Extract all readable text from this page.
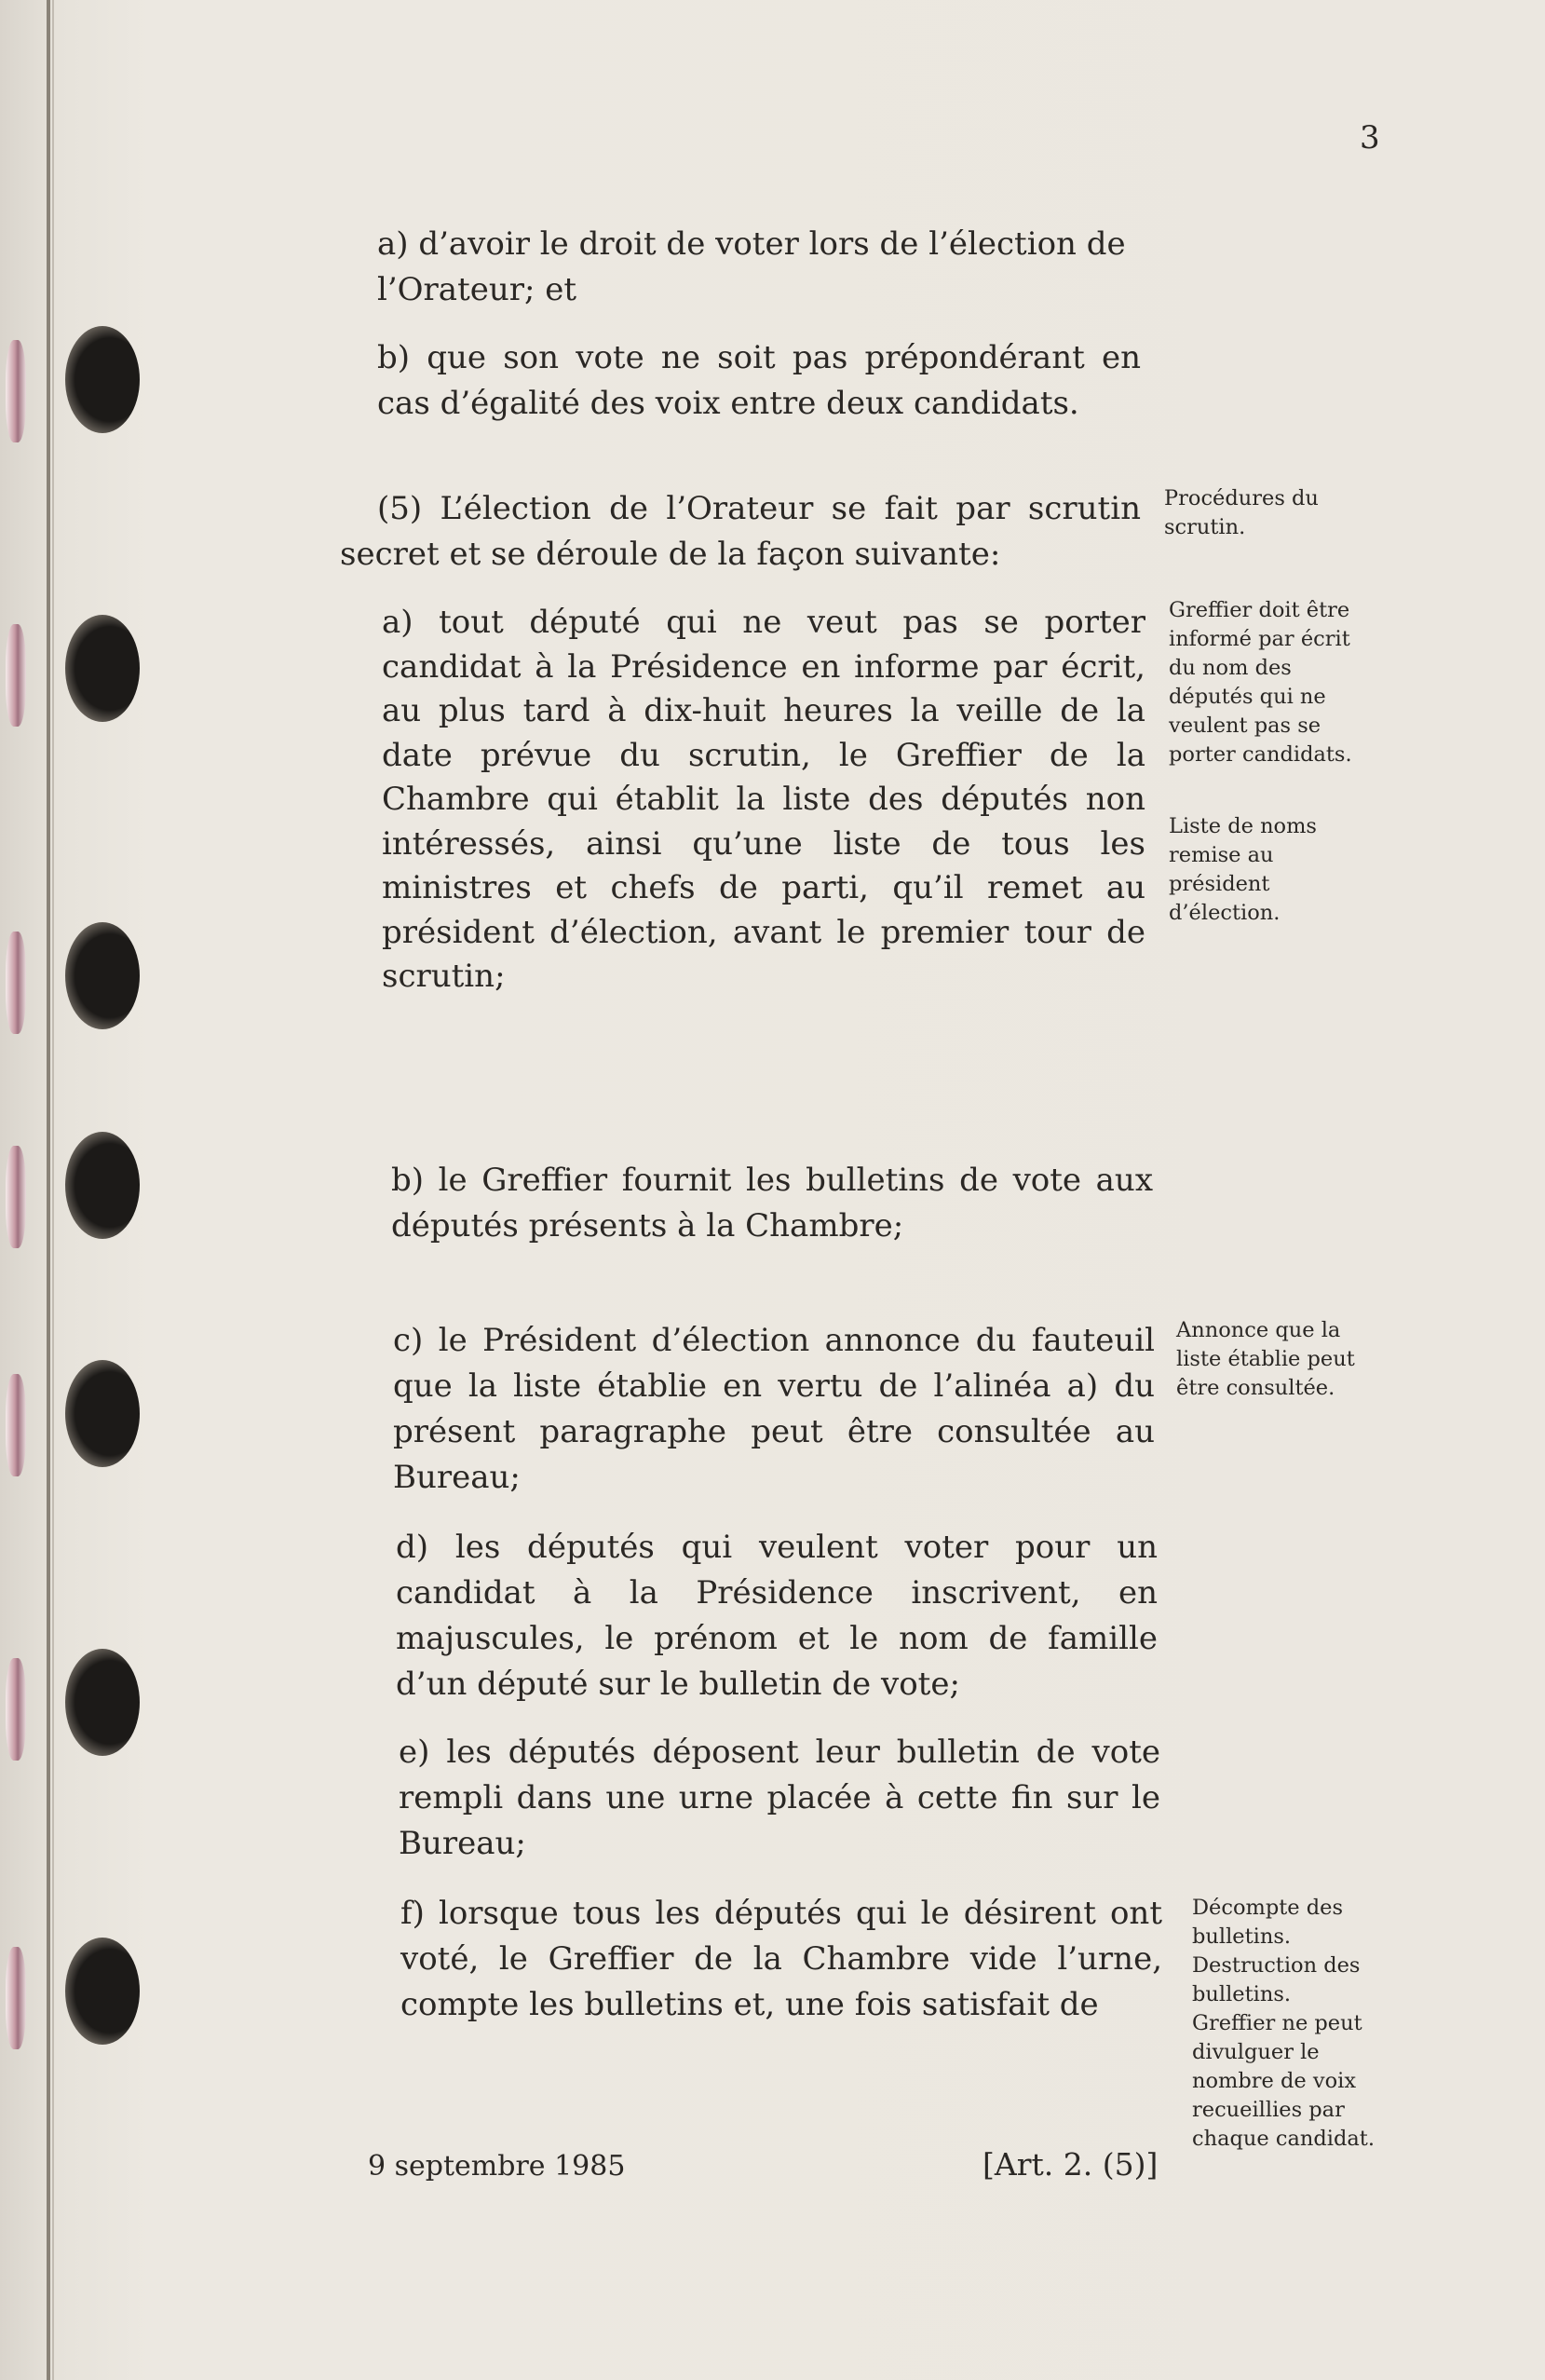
3

a) d’avoir le droit de voter lors de l’élection de l’Orateur; et

b) que son vote ne soit pas prépondérant en cas d’égalité des voix entre deux candidats.

(5) L’élection de l’Orateur se fait par scrutin secret et se déroule de la façon suivante:

a) tout député qui ne veut pas se porter candidat à la Présidence en informe par écrit, au plus tard à dix-huit heures la veille de la date prévue du scrutin, le Greffier de la Chambre qui établit la liste des députés non intéressés, ainsi qu’une liste de tous les ministres et chefs de parti, qu’il remet au président d’élection, avant le premier tour de scrutin;

b) le Greffier fournit les bulletins de vote aux députés présents à la Chambre;

c) le Président d’élection annonce du fauteuil que la liste établie en vertu de l’alinéa a) du présent paragraphe peut être consultée au Bureau;

d) les députés qui veulent voter pour un candidat à la Présidence inscrivent, en majuscules, le prénom et le nom de famille d’un député sur le bulletin de vote;

e) les députés déposent leur bulletin de vote rempli dans une urne placée à cette fin sur le Bureau;

f) lorsque tous les députés qui le désirent ont voté, le Greffier de la Chambre vide l’urne, compte les bulletins et, une fois satisfait de

Procédures du scrutin.

Greffier doit être informé par écrit du nom des députés qui ne veulent pas se porter candidats.

Liste de noms remise au président d’élection.

Annonce que la liste établie peut être consultée.

Décompte des bulletins. Destruction des bulletins. Greffier ne peut divulguer le nombre de voix recueillies par chaque candidat.

9 septembre 1985	[Art. 2. (5)]
